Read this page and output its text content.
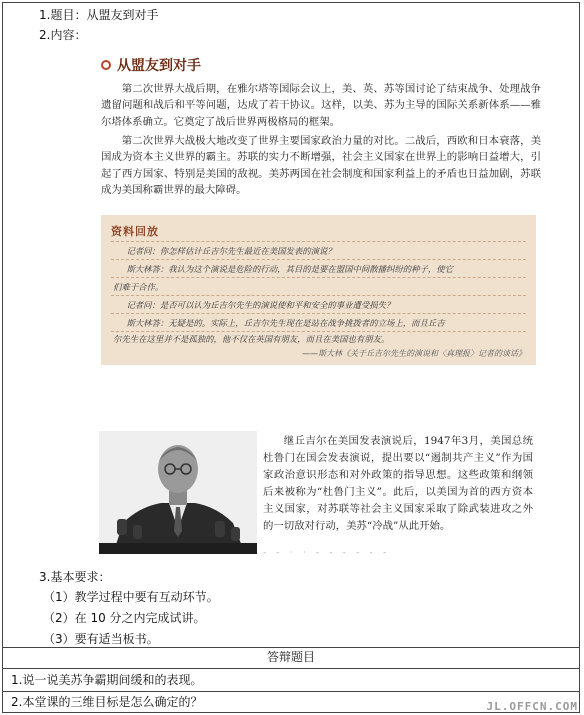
1.题目：从盟友到对手
2.内容：
从盟友到对手
第二次世界大战后期，在雅尔塔等国际会议上，美、英、苏等国讨论了结束战争、处理战争遗留问题和战后和平等问题，达成了若干协议。这样，以美、苏为主导的国际关系新体系——雅尔塔体系确立。它奠定了战后世界两极格局的框架。
第二次世界大战极大地改变了世界主要国家政治力量的对比。二战后，西欧和日本衰落，美国成为资本主义世界的霸主。苏联的实力不断增强，社会主义国家在世界上的影响日益增大，引起了西方国家、特别是美国的敌视。美苏两国在社会制度和国家利益上的矛盾也日益加剧，苏联成为美国称霸世界的最大障碍。
资料回放
记者问：你怎样估计丘吉尔先生最近在美国发表的演说？
斯大林答：我认为这个演说是危险的行动，其目的是要在盟国中间散播纠纷的种子，使它
们难于合作。
记者问：是否可以认为丘吉尔先生的演说使和平和安全的事业遭受损失？
斯大林答：无疑是的。实际上，丘吉尔先生现在是站在战争挑拨者的立场上，而且丘吉
尔先生在这里并不是孤独的，他不仅在英国有朋友，而且在美国也有朋友。
——斯大林《关于丘吉尔先生的演说和〈真理报〉记者的谈话》
继丘吉尔在美国发表演说后，1947年3月，美国总统杜鲁门在国会发表演说，提出要以“遏制共产主义”作为国家政治意识形态和对外政策的指导思想。这些政策和纲领后来被称为“杜鲁门主义”。此后，以美国为首的西方资本主义国家，对苏联等社会主义国家采取了除武装进攻之外的一切敌对行动，美苏“冷战”从此开始。
- - · · - - - - - -
3.基本要求：
（1）教学过程中要有互动环节。
（2）在 10 分之内完成试讲。
（3）要有适当板书。
答辩题目
1.说一说美苏争霸期间缓和的表现。
2.本堂课的三维目标是怎么确定的？	JL.OFFCN.COM
